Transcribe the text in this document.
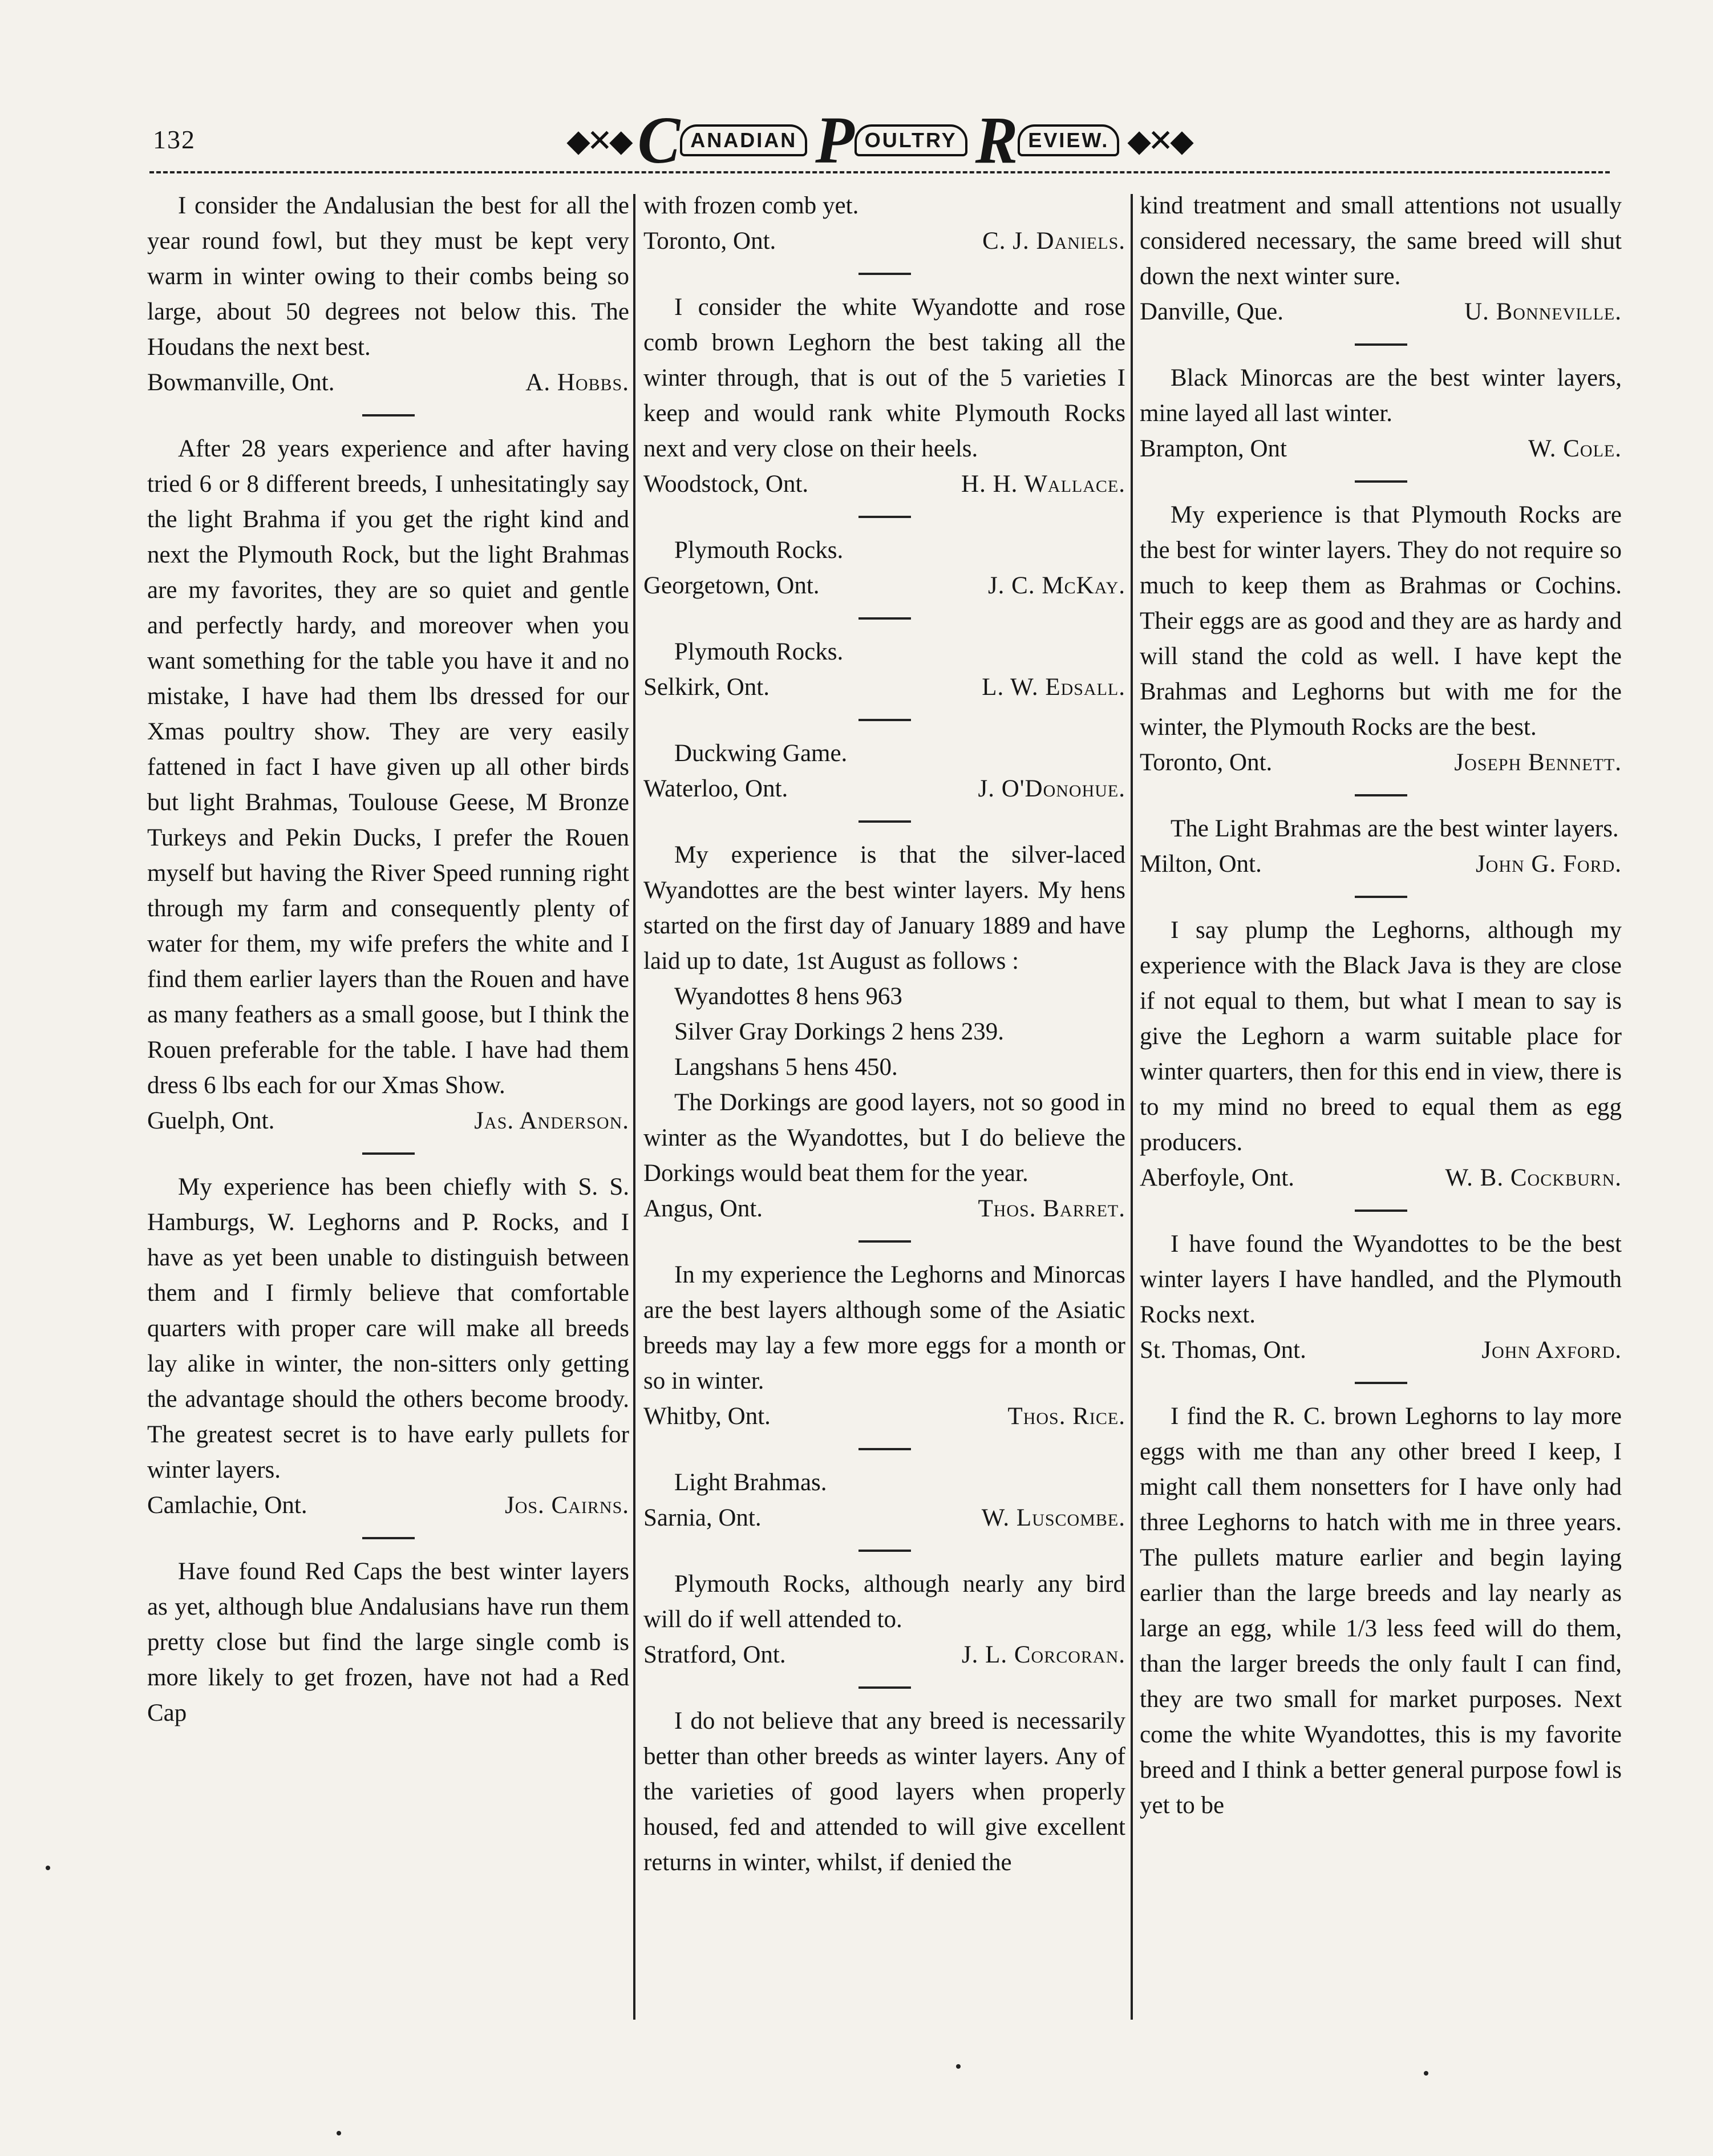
132	◆✕◆ C ANADIAN P OULTRY R EVIEW. ◆✕◆

I consider the Andalusian the best for all the year round fowl, but they must be kept very warm in winter owing to their combs being so large, about 50 degrees not below this. The Houdans the next best.

Bowmanville, Ont.	A. Hobbs.

After 28 years experience and after having tried 6 or 8 different breeds, I unhesitatingly say the light Brahma if you get the right kind and next the Plymouth Rock, but the light Brahmas are my favorites, they are so quiet and gentle and perfectly hardy, and moreover when you want something for the table you have it and no mistake, I have had them lbs dressed for our Xmas poultry show. They are very easily fattened in fact I have given up all other birds but light Brahmas, Toulouse Geese, M Bronze Turkeys and Pekin Ducks, I prefer the Rouen myself but having the River Speed running right through my farm and consequently plenty of water for them, my wife prefers the white and I find them earlier layers than the Rouen and have as many feathers as a small goose, but I think the Rouen preferable for the table. I have had them dress 6 lbs each for our Xmas Show.

Guelph, Ont.	Jas. Anderson.

My experience has been chiefly with S. S. Hamburgs, W. Leghorns and P. Rocks, and I have as yet been unable to distinguish between them and I firmly believe that comfortable quarters with proper care will make all breeds lay alike in winter, the non-sitters only getting the advantage should the others become broody. The greatest secret is to have early pullets for winter layers.

Camlachie, Ont.	Jos. Cairns.

Have found Red Caps the best winter layers as yet, although blue Andalusians have run them pretty close but find the large single comb is more likely to get frozen, have not had a Red Cap

with frozen comb yet.

Toronto, Ont.	C. J. Daniels.

I consider the white Wyandotte and rose comb brown Leghorn the best taking all the winter through, that is out of the 5 varieties I keep and would rank white Plymouth Rocks next and very close on their heels.

Woodstock, Ont.	H. H. Wallace.

Plymouth Rocks.

Georgetown, Ont.	J. C. McKay.

Plymouth Rocks.

Selkirk, Ont.	L. W. Edsall.

Duckwing Game.

Waterloo, Ont.	J. O'Donohue.

My experience is that the silver-laced Wyandottes are the best winter layers. My hens started on the first day of January 1889 and have laid up to date, 1st August as follows :

Wyandottes 8 hens 963

Silver Gray Dorkings 2 hens 239.

Langshans 5 hens 450.

The Dorkings are good layers, not so good in winter as the Wyandottes, but I do believe the Dorkings would beat them for the year.

Angus, Ont.	Thos. Barret.

In my experience the Leghorns and Minorcas are the best layers although some of the Asiatic breeds may lay a few more eggs for a month or so in winter.

Whitby, Ont.	Thos. Rice.

Light Brahmas.

Sarnia, Ont.	W. Luscombe.

Plymouth Rocks, although nearly any bird will do if well attended to.

Stratford, Ont.	J. L. Corcoran.

I do not believe that any breed is necessarily better than other breeds as winter layers. Any of the varieties of good layers when properly housed, fed and attended to will give excellent returns in winter, whilst, if denied the

kind treatment and small attentions not usually considered necessary, the same breed will shut down the next winter sure.

Danville, Que.	U. Bonneville.

Black Minorcas are the best winter layers, mine layed all last winter.

Brampton, Ont	W. Cole.

My experience is that Plymouth Rocks are the best for winter layers. They do not require so much to keep them as Brahmas or Cochins. Their eggs are as good and they are as hardy and will stand the cold as well. I have kept the Brahmas and Leghorns but with me for the winter, the Plymouth Rocks are the best.

Toronto, Ont.	Joseph Bennett.

The Light Brahmas are the best winter layers.

Milton, Ont.	John G. Ford.

I say plump the Leghorns, although my experience with the Black Java is they are close if not equal to them, but what I mean to say is give the Leghorn a warm suitable place for winter quarters, then for this end in view, there is to my mind no breed to equal them as egg producers.

Aberfoyle, Ont.	W. B. Cockburn.

I have found the Wyandottes to be the best winter layers I have handled, and the Plymouth Rocks next.

St. Thomas, Ont.	John Axford.

I find the R. C. brown Leghorns to lay more eggs with me than any other breed I keep, I might call them nonsetters for I have only had three Leghorns to hatch with me in three years. The pullets mature earlier and begin laying earlier than the large breeds and lay nearly as large an egg, while 1/3 less feed will do them, than the larger breeds the only fault I can find, they are two small for market purposes. Next come the white Wyandottes, this is my favorite breed and I think a better general purpose fowl is yet to be
